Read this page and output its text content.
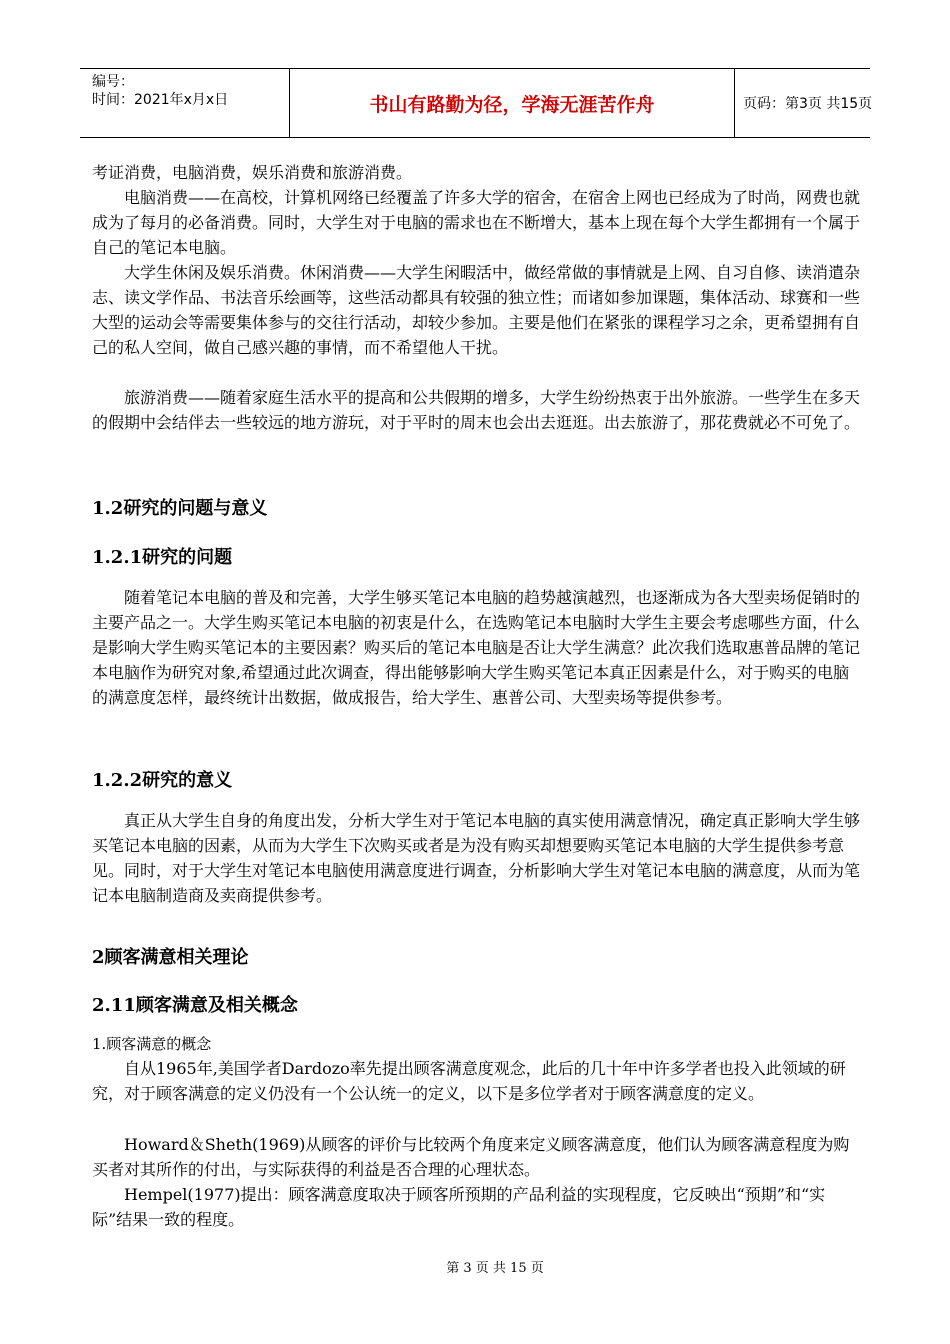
编号：
时间：2021年x月x日	书山有路勤为径，学海无涯苦作舟	页码：第3页 共15页

考证消费，电脑消费，娱乐消费和旅游消费。

电脑消费——在高校，计算机网络已经覆盖了许多大学的宿舍，在宿舍上网也已经成为了时尚，网费也就成为了每月的必备消费。同时，大学生对于电脑的需求也在不断增大，基本上现在每个大学生都拥有一个属于自己的笔记本电脑。

大学生休闲及娱乐消费。休闲消费——大学生闲暇活中，做经常做的事情就是上网、自习自修、读消遣杂志、读文学作品、书法音乐绘画等，这些活动都具有较强的独立性；而诸如参加课题，集体活动、球赛和一些大型的运动会等需要集体参与的交往行活动，却较少参加。主要是他们在紧张的课程学习之余，更希望拥有自己的私人空间，做自己感兴趣的事情，而不希望他人干扰。

旅游消费——随着家庭生活水平的提高和公共假期的增多，大学生纷纷热衷于出外旅游。一些学生在多天的假期中会结伴去一些较远的地方游玩，对于平时的周末也会出去逛逛。出去旅游了，那花费就必不可免了。

1.2研究的问题与意义
1.2.1研究的问题

随着笔记本电脑的普及和完善，大学生够买笔记本电脑的趋势越演越烈，也逐渐成为各大型卖场促销时的主要产品之一。大学生购买笔记本电脑的初衷是什么，在选购笔记本电脑时大学生主要会考虑哪些方面，什么是影响大学生购买笔记本的主要因素？购买后的笔记本电脑是否让大学生满意？此次我们选取惠普品牌的笔记本电脑作为研究对象,希望通过此次调查，得出能够影响大学生购买笔记本真正因素是什么，对于购买的电脑的满意度怎样，最终统计出数据，做成报告，给大学生、惠普公司、大型卖场等提供参考。

1.2.2研究的意义

真正从大学生自身的角度出发，分析大学生对于笔记本电脑的真实使用满意情况，确定真正影响大学生够买笔记本电脑的因素，从而为大学生下次购买或者是为没有购买却想要购买笔记本电脑的大学生提供参考意见。同时，对于大学生对笔记本电脑使用满意度进行调查，分析影响大学生对笔记本电脑的满意度，从而为笔记本电脑制造商及卖商提供参考。

2顾客满意相关理论
2.11顾客满意及相关概念

1.顾客满意的概念

自从1965年,美国学者Dardozo率先提出顾客满意度观念，此后的几十年中许多学者也投入此领域的研究，对于顾客满意的定义仍没有一个公认统一的定义，以下是多位学者对于顾客满意度的定义。

Howard＆Sheth(1969)从顾客的评价与比较两个角度来定义顾客满意度，他们认为顾客满意程度为购买者对其所作的付出，与实际获得的利益是否合理的心理状态。

Hempel(1977)提出：顾客满意度取决于顾客所预期的产品利益的实现程度，它反映出“预期”和“实际”结果一致的程度。

第 3 页 共 15 页
